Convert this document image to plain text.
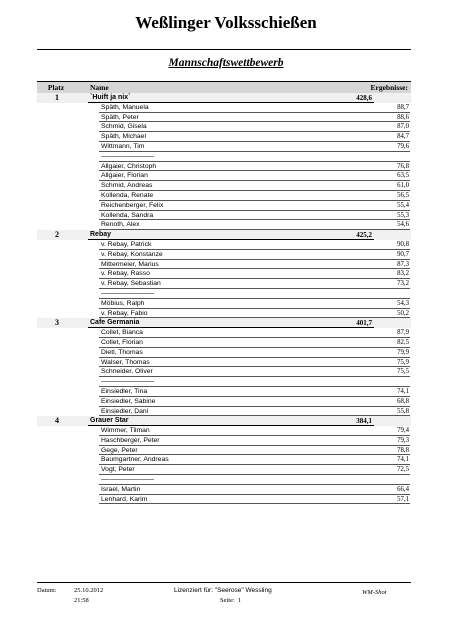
Weßlinger Volksschießen
Mannschaftswettbewerb
Platz	Name	Ergebnisse:
1	`Huift ja nix`	428,6
Späth, Manuela	88,7
Späth, Peter	88,6
Schmid, Gisela	87,0
Späth, Michael	84,7
Wittmann, Tim	79,6
------------------------------
Allgaier, Christoph	76,8
Allgaier, Florian	63,5
Schmid, Andreas	61,0
Kollenda, Renate	56,5
Reichenberger, Felix	55,4
Kollenda, Sandra	55,3
Renoth, Alex	54,6
2	Rebay	425,2
v. Rebay, Patrick	90,8
v. Rebay, Konstanze	90,7
Mittermeier, Marius	87,3
v. Rebay, Rasso	83,2
v. Rebay, Sebastian	73,2
------------------------------
Möbius, Ralph	54,3
v. Rebay, Fabio	50,2
3	Cafe Germania	401,7
Collet, Bianca	87,9
Collet, Florian	82,5
Dietl, Thomas	79,9
Walser, Thomas	75,9
Schneider, Oliver	75,5
------------------------------
Einsiedler, Tina	74,1
Einsiedler, Sabine	68,8
Einsiedler, Dani	55,8
4	Grauer Star	384,1
Wimmer, Tilman	79,4
Haschberger, Peter	79,3
Gege, Peter	78,8
Baumgartner, Andreas	74,1
Vogt, Peter	72,5
------------------------------
Israel, Martin	66,4
Lenhard, Karim	57,1
Datum:	25.10.2012
21:58
Lizenziert für: "Seerose" Wessling
Seite: 1
WM-Shot
